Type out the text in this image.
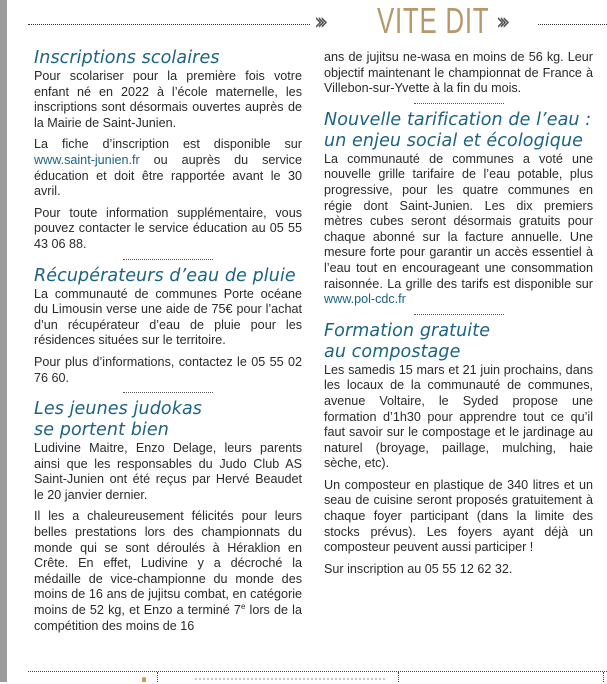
››› VITE DIT ›››
Inscriptions scolaires

Pour scolariser pour la première fois votre enfant né en 2022 à l’école maternelle, les inscriptions sont désormais ouvertes auprès de la Mairie de Saint-Junien.

La fiche d’inscription est disponible sur www.saint-junien.fr ou auprès du service éducation et doit être rapportée avant le 30 avril.

Pour toute information supplémentaire, vous pouvez contacter le service éducation au 05 55 43 06 88.

Récupérateurs d’eau de pluie

La communauté de communes Porte océane du Limousin verse une aide de 75€ pour l’achat d’un récupérateur d’eau de pluie pour les résidences situées sur le territoire.

Pour plus d’informations, contactez le 05 55 02 76 60.

Les jeunes judokas
se portent bien

Ludivine Maitre, Enzo Delage, leurs parents ainsi que les responsables du Judo Club AS Saint-Junien ont été reçus par Hervé Beaudet le 20 janvier dernier.

Il les a chaleureusement félicités pour leurs belles prestations lors des championnats du monde qui se sont déroulés à Héraklion en Crête. En effet, Ludivine y a décroché la médaille de vice-championne du monde des moins de 16 ans de jujitsu combat, en catégorie moins de 52 kg, et Enzo a terminé 7e lors de la compétition des moins de 16

ans de jujitsu ne-wasa en moins de 56 kg. Leur objectif maintenant le championnat de France à Villebon-sur-Yvette à la fin du mois.

Nouvelle tarification de l’eau :
un enjeu social et écologique

La communauté de communes a voté une nouvelle grille tarifaire de l’eau potable, plus progressive, pour les quatre communes en régie dont Saint-Junien. Les dix premiers mètres cubes seront désormais gratuits pour chaque abonné sur la facture annuelle. Une mesure forte pour garantir un accès essentiel à l’eau tout en encourageant une consommation raisonnée. La grille des tarifs est disponible sur www.pol-cdc.fr

Formation gratuite
au compostage

Les samedis 15 mars et 21 juin prochains, dans les locaux de la communauté de communes, avenue Voltaire, le Syded propose une formation d’1h30 pour apprendre tout ce qu’il faut savoir sur le compostage et le jardinage au naturel (broyage, paillage, mulching, haie sèche, etc).

Un composteur en plastique de 340 litres et un seau de cuisine seront proposés gratuitement à chaque foyer participant (dans la limite des stocks prévus). Les foyers ayant déjà un composteur peuvent aussi participer !

Sur inscription au 05 55 12 62 32.
